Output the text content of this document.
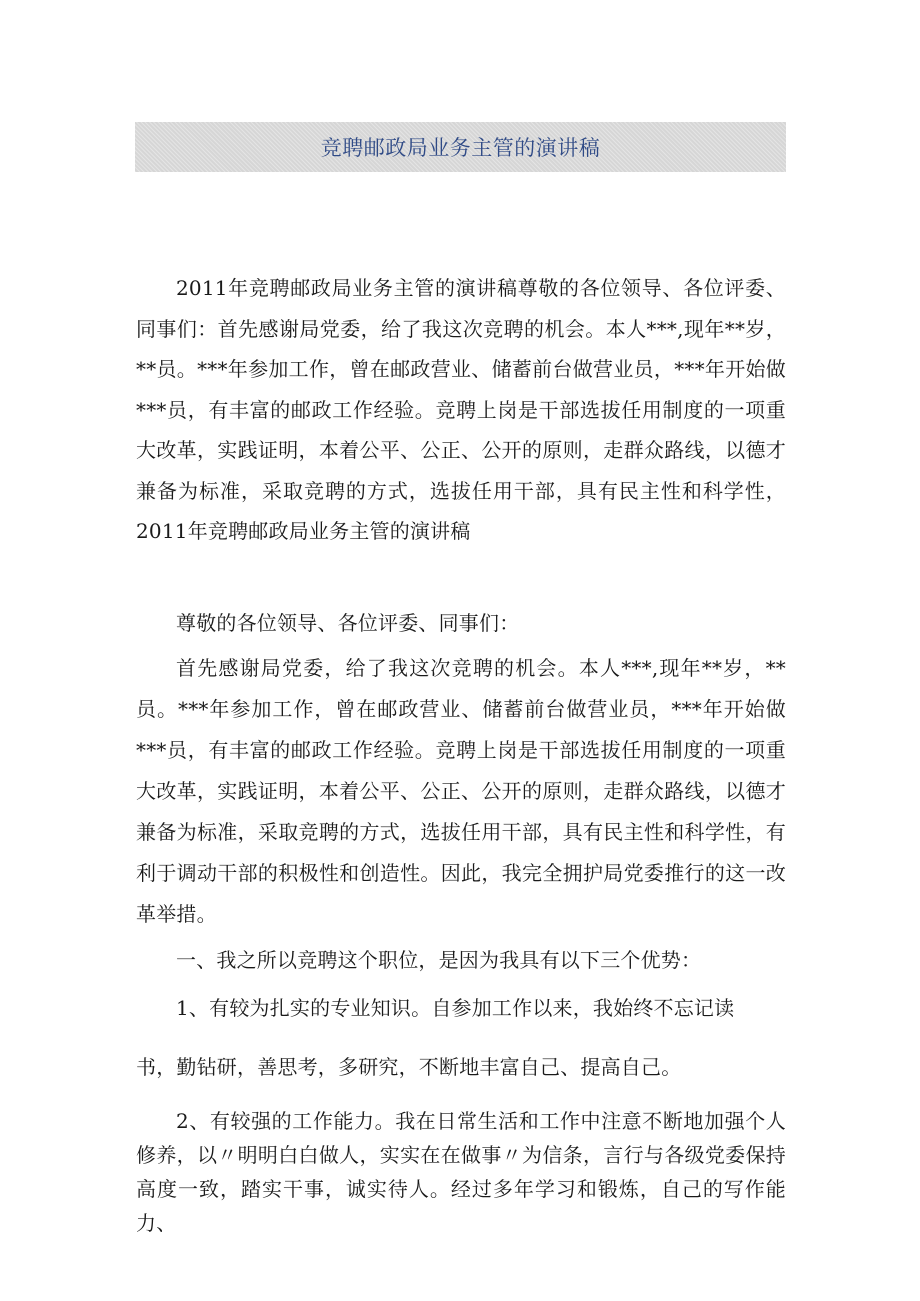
竞聘邮政局业务主管的演讲稿

2011年竞聘邮政局业务主管的演讲稿尊敬的各位领导、各位评委、同事们：首先感谢局党委，给了我这次竞聘的机会。本人***,现年**岁，**员。***年参加工作，曾在邮政营业、储蓄前台做营业员，***年开始做***员，有丰富的邮政工作经验。竞聘上岗是干部选拔任用制度的一项重大改革，实践证明，本着公平、公正、公开的原则，走群众路线，以德才兼备为标准，采取竞聘的方式，选拔任用干部，具有民主性和科学性，2011年竞聘邮政局业务主管的演讲稿

尊敬的各位领导、各位评委、同事们：

首先感谢局党委，给了我这次竞聘的机会。本人***,现年**岁，**员。***年参加工作，曾在邮政营业、储蓄前台做营业员，***年开始做***员，有丰富的邮政工作经验。竞聘上岗是干部选拔任用制度的一项重大改革，实践证明，本着公平、公正、公开的原则，走群众路线，以德才兼备为标准，采取竞聘的方式，选拔任用干部，具有民主性和科学性，有利于调动干部的积极性和创造性。因此，我完全拥护局党委推行的这一改革举措。

一、我之所以竞聘这个职位，是因为我具有以下三个优势：

1、有较为扎实的专业知识。自参加工作以来，我始终不忘记读

书，勤钻研，善思考，多研究，不断地丰富自己、提高自己。

2、有较强的工作能力。我在日常生活和工作中注意不断地加强个人修养，以〃明明白白做人，实实在在做事〃为信条，言行与各级党委保持高度一致，踏实干事，诚实待人。经过多年学习和锻炼，自己的写作能力、
